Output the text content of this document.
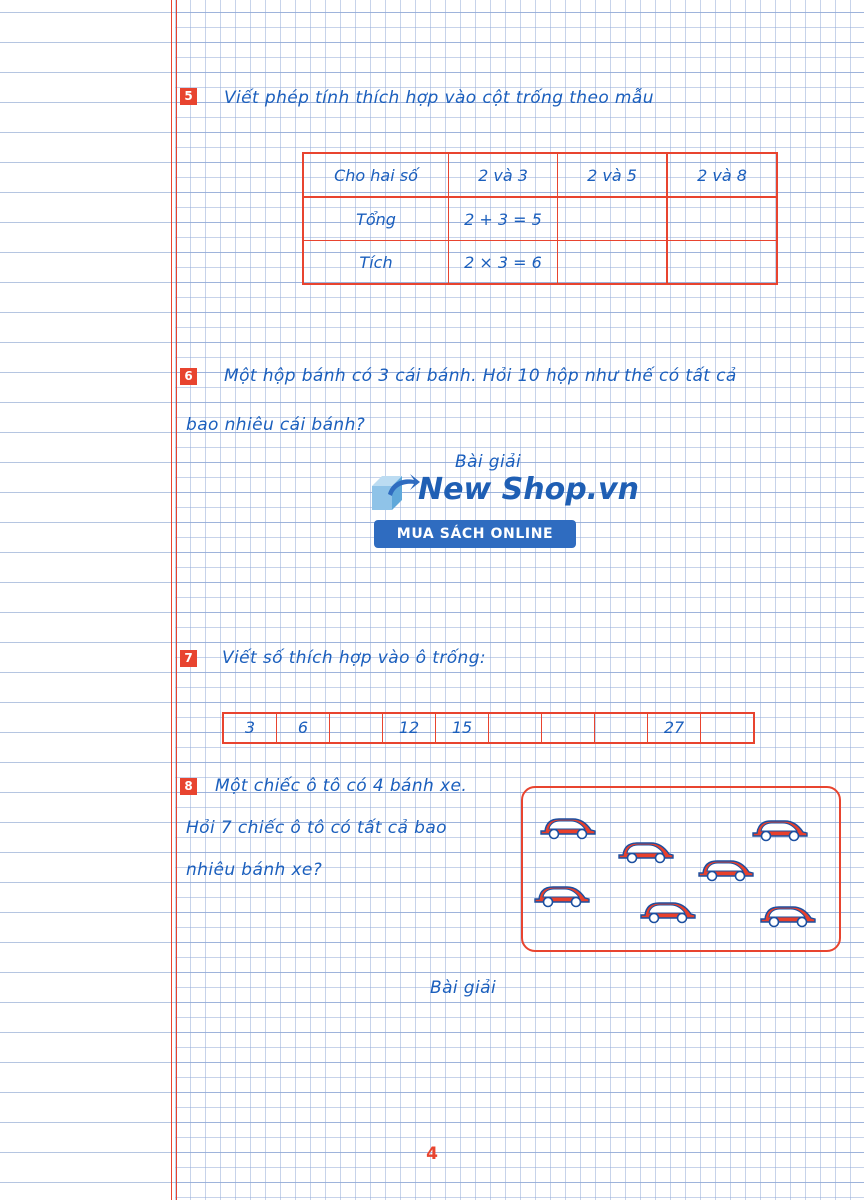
5 Viết phép tính thích hợp vào cột trống theo mẫu
Cho hai số	2 và 3	2 và 5	2 và 8
Tổng	2 + 3 = 5		
Tích	2 × 3 = 6		
6 Một hộp bánh có 3 cái bánh. Hỏi 10 hộp như thế có tất cả
bao nhiêu cái bánh?
Bài giải
New Shop.vn
MUA SÁCH ONLINE
7 Viết số thích hợp vào ô trống:
3	6	12	15	27
8 Một chiếc ô tô có 4 bánh xe.
Hỏi 7 chiếc ô tô có tất cả bao
nhiêu bánh xe?
Bài giải
4
